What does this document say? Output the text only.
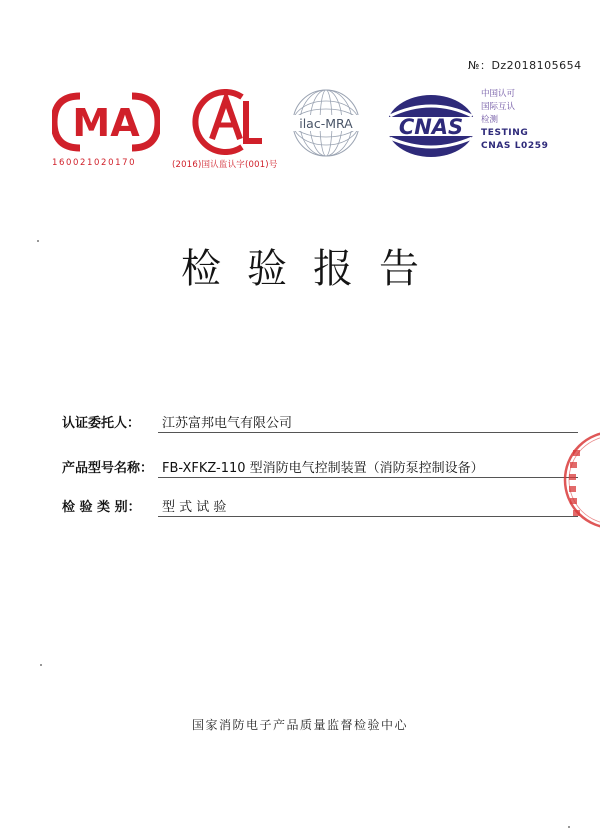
№：Dz2018105654
MA
160021020170	(2016)国认监认字(001)号
ilac-MRA CNAS
中国认可
国际互认
检测
TESTING
CNAS L0259
检验报告
认证委托人： 江苏富邦电气有限公司
产品型号名称： FB-XFKZ-110 型消防电气控制装置（消防泵控制设备）
检 验 类 别： 型 式 试 验
国家消防电子产品质量监督检验中心
